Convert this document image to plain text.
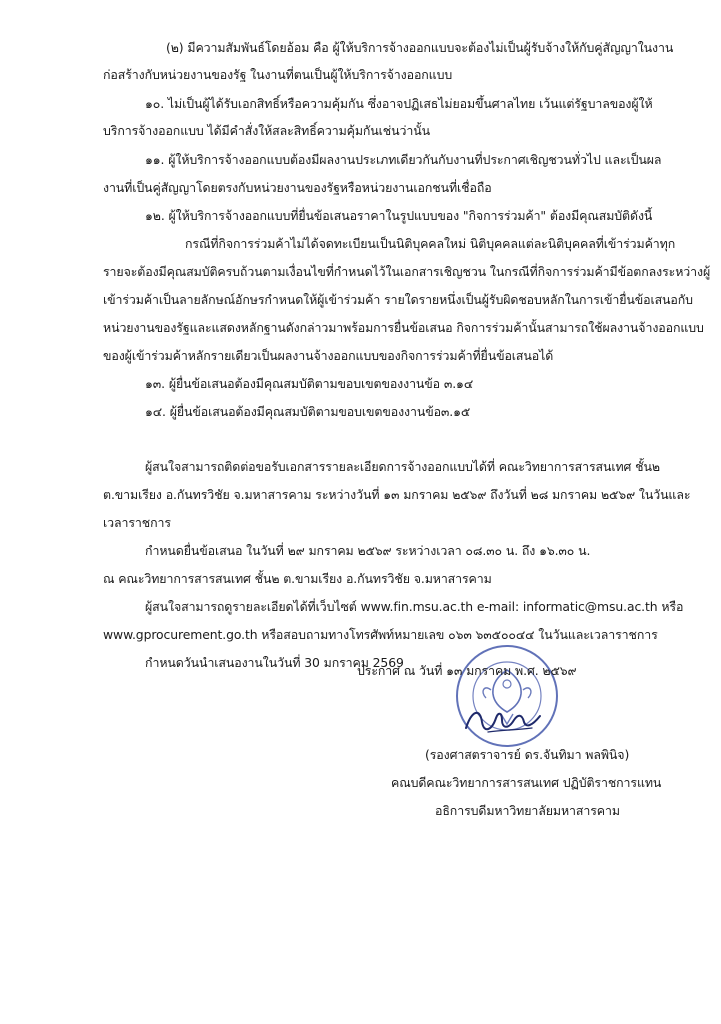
(๒) มีความสัมพันธ์โดยอ้อม คือ ผู้ให้บริการจ้างออกแบบจะต้องไม่เป็นผู้รับจ้างให้กับคู่สัญญาในงาน
ก่อสร้างกับหน่วยงานของรัฐ ในงานที่ตนเป็นผู้ให้บริการจ้างออกแบบ
๑๐. ไม่เป็นผู้ได้รับเอกสิทธิ์หรือความคุ้มกัน ซึ่งอาจปฏิเสธไม่ยอมขึ้นศาลไทย เว้นแต่รัฐบาลของผู้ให้
บริการจ้างออกแบบ ได้มีคำสั่งให้สละสิทธิ์ความคุ้มกันเช่นว่านั้น
๑๑. ผู้ให้บริการจ้างออกแบบต้องมีผลงานประเภทเดียวกันกับงานที่ประกาศเชิญชวนทั่วไป และเป็นผล
งานที่เป็นคู่สัญญาโดยตรงกับหน่วยงานของรัฐหรือหน่วยงานเอกชนที่เชื่อถือ
๑๒. ผู้ให้บริการจ้างออกแบบที่ยื่นข้อเสนอราคาในรูปแบบของ "กิจการร่วมค้า" ต้องมีคุณสมบัติดังนี้
กรณีที่กิจการร่วมค้าไม่ได้จดทะเบียนเป็นนิติบุคคลใหม่ นิติบุคคลแต่ละนิติบุคคลที่เข้าร่วมค้าทุก
รายจะต้องมีคุณสมบัติครบถ้วนตามเงื่อนไขที่กำหนดไว้ในเอกสารเชิญชวน ในกรณีที่กิจการร่วมค้ามีข้อตกลงระหว่างผู้
เข้าร่วมค้าเป็นลายลักษณ์อักษรกำหนดให้ผู้เข้าร่วมค้า รายใดรายหนึ่งเป็นผู้รับผิดชอบหลักในการเข้ายื่นข้อเสนอกับ
หน่วยงานของรัฐและแสดงหลักฐานดังกล่าวมาพร้อมการยื่นข้อเสนอ กิจการร่วมค้านั้นสามารถใช้ผลงานจ้างออกแบบ
ของผู้เข้าร่วมค้าหลักรายเดียวเป็นผลงานจ้างออกแบบของกิจการร่วมค้าที่ยื่นข้อเสนอได้
๑๓. ผู้ยื่นข้อเสนอต้องมีคุณสมบัติตามขอบเขตของงานข้อ ๓.๑๔
๑๔. ผู้ยื่นข้อเสนอต้องมีคุณสมบัติตามขอบเขตของงานข้อ๓.๑๕
ผู้สนใจสามารถติดต่อขอรับเอกสารรายละเอียดการจ้างออกแบบได้ที่ คณะวิทยาการสารสนเทศ ชั้น๒
ต.ขามเรียง อ.กันทรวิชัย จ.มหาสารคาม ระหว่างวันที่ ๑๓ มกราคม ๒๕๖๙ ถึงวันที่ ๒๘ มกราคม ๒๕๖๙ ในวันและ
เวลาราชการ
กำหนดยื่นข้อเสนอ ในวันที่ ๒๙ มกราคม ๒๕๖๙ ระหว่างเวลา ๐๘.๓๐ น. ถึง ๑๖.๓๐ น.
ณ คณะวิทยาการสารสนเทศ ชั้น๒ ต.ขามเรียง อ.กันทรวิชัย จ.มหาสารคาม
ผู้สนใจสามารถดูรายละเอียดได้ที่เว็บไซต์ www.fin.msu.ac.th e-mail: informatic@msu.ac.th หรือ
www.gprocurement.go.th หรือสอบถามทางโทรศัพท์หมายเลข ๐๖๓ ๖๓๕๐๐๔๔ ในวันและเวลาราชการ
กำหนดวันนำเสนองานในวันที่ 30 มกราคม 2569
ประกาศ ณ วันที่ ๑๓ มกราคม พ.ศ. ๒๕๖๙
(รองศาสตราจารย์ ดร.จันทิมา พลพินิจ)
คณบดีคณะวิทยาการสารสนเทศ ปฏิบัติราชการแทน
อธิการบดีมหาวิทยาลัยมหาสารคาม
